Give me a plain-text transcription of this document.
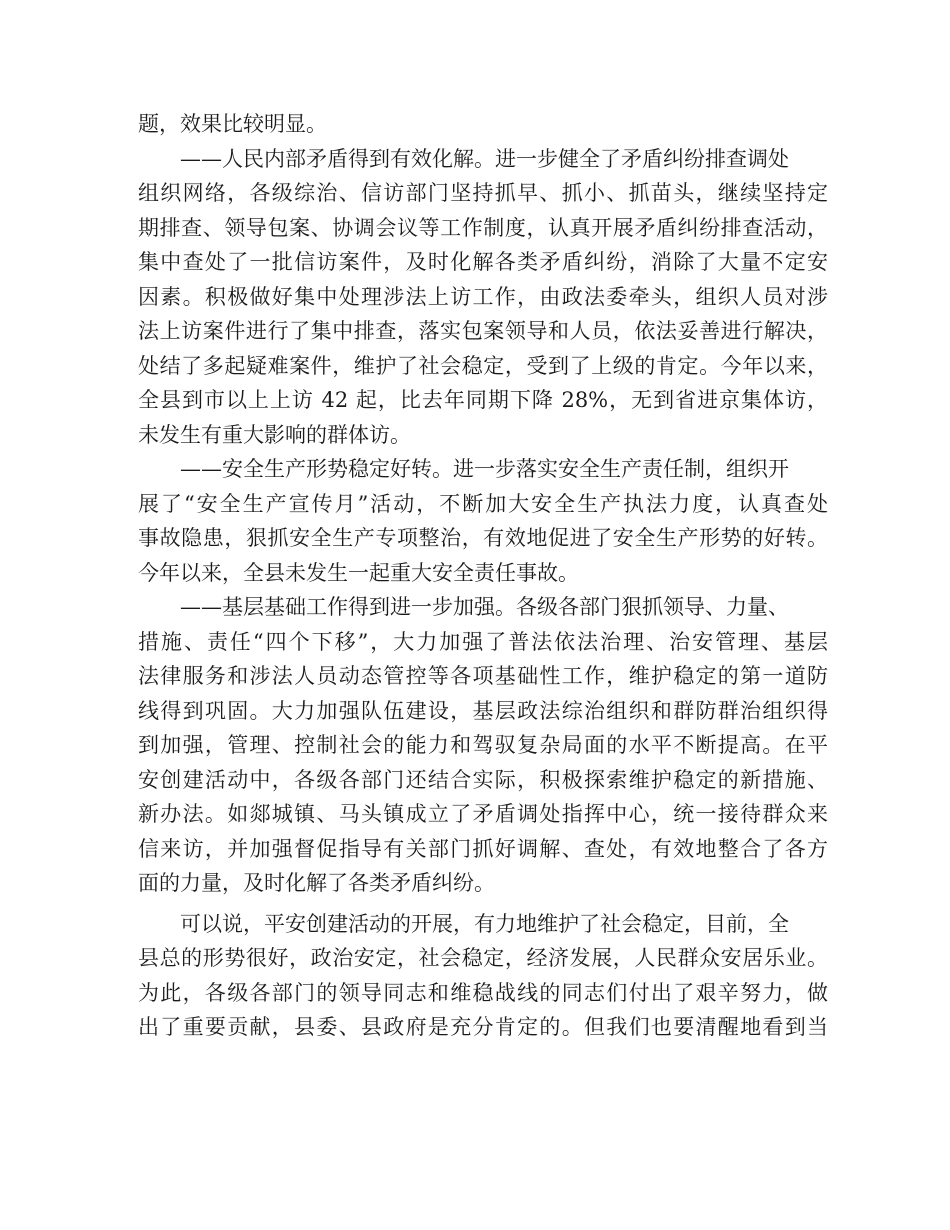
题，效果比较明显。
——人民内部矛盾得到有效化解。进一步健全了矛盾纠纷排查调处
组织网络，各级综治、信访部门坚持抓早、抓小、抓苗头，继续坚持定
期排查、领导包案、协调会议等工作制度，认真开展矛盾纠纷排查活动，
集中查处了一批信访案件，及时化解各类矛盾纠纷，消除了大量不定安
因素。积极做好集中处理涉法上访工作，由政法委牵头，组织人员对涉
法上访案件进行了集中排查，落实包案领导和人员，依法妥善进行解决，
处结了多起疑难案件，维护了社会稳定，受到了上级的肯定。今年以来，
全县到市以上上访 42 起，比去年同期下降 28%，无到省进京集体访，
未发生有重大影响的群体访。
——安全生产形势稳定好转。进一步落实安全生产责任制，组织开
展了“安全生产宣传月”活动，不断加大安全生产执法力度，认真查处
事故隐患，狠抓安全生产专项整治，有效地促进了安全生产形势的好转。
今年以来，全县未发生一起重大安全责任事故。
——基层基础工作得到进一步加强。各级各部门狠抓领导、力量、
措施、责任“四个下移”，大力加强了普法依法治理、治安管理、基层
法律服务和涉法人员动态管控等各项基础性工作，维护稳定的第一道防
线得到巩固。大力加强队伍建设，基层政法综治组织和群防群治组织得
到加强，管理、控制社会的能力和驾驭复杂局面的水平不断提高。在平
安创建活动中，各级各部门还结合实际，积极探索维护稳定的新措施、
新办法。如郯城镇、马头镇成立了矛盾调处指挥中心，统一接待群众来
信来访，并加强督促指导有关部门抓好调解、查处，有效地整合了各方
面的力量，及时化解了各类矛盾纠纷。
可以说，平安创建活动的开展，有力地维护了社会稳定，目前，全
县总的形势很好，政治安定，社会稳定，经济发展，人民群众安居乐业。
为此，各级各部门的领导同志和维稳战线的同志们付出了艰辛努力，做
出了重要贡献，县委、县政府是充分肯定的。但我们也要清醒地看到当
